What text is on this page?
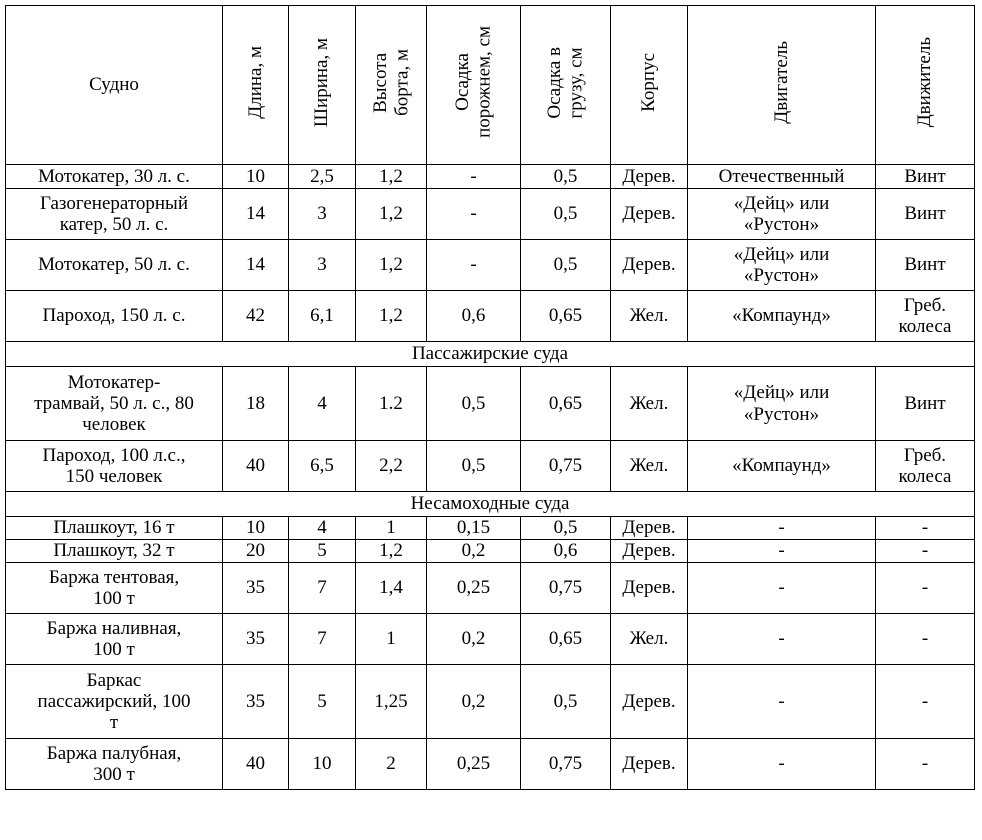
Судно	Длина, м	Ширина, м	Высота
борта, м	Осадка
порожнем, см	Осадка в
грузу, см	Корпус	Двигатель	Движитель
Мотокатер, 30 л. с.	10	2,5	1,2	-	0,5	Дерев.	Отечественный	Винт
Газогенераторный
катер, 50 л. с.	14	3	1,2	-	0,5	Дерев.	«Дейц» или
«Рустон»	Винт
Мотокатер, 50 л. с.	14	3	1,2	-	0,5	Дерев.	«Дейц» или
«Рустон»	Винт
Пароход, 150 л. с.	42	6,1	1,2	0,6	0,65	Жел.	«Компаунд»	Греб.
колеса
Пассажирские суда								
Мотокатер-
трамвай, 50 л. с., 80
человек	18	4	1.2	0,5	0,65	Жел.	«Дейц» или
«Рустон»	Винт
Пароход, 100 л.с.,
150 человек	40	6,5	2,2	0,5	0,75	Жел.	«Компаунд»	Греб.
колеса
Несамоходные суда								
Плашкоут, 16 т	10	4	1	0,15	0,5	Дерев.	-	-
Плашкоут, 32 т	20	5	1,2	0,2	0,6	Дерев.	-	-
Баржа тентовая,
100 т	35	7	1,4	0,25	0,75	Дерев.	-	-
Баржа наливная,
100 т	35	7	1	0,2	0,65	Жел.	-	-
Баркас
пассажирский, 100
т	35	5	1,25	0,2	0,5	Дерев.	-	-
Баржа палубная,
300 т	40	10	2	0,25	0,75	Дерев.	-	-
